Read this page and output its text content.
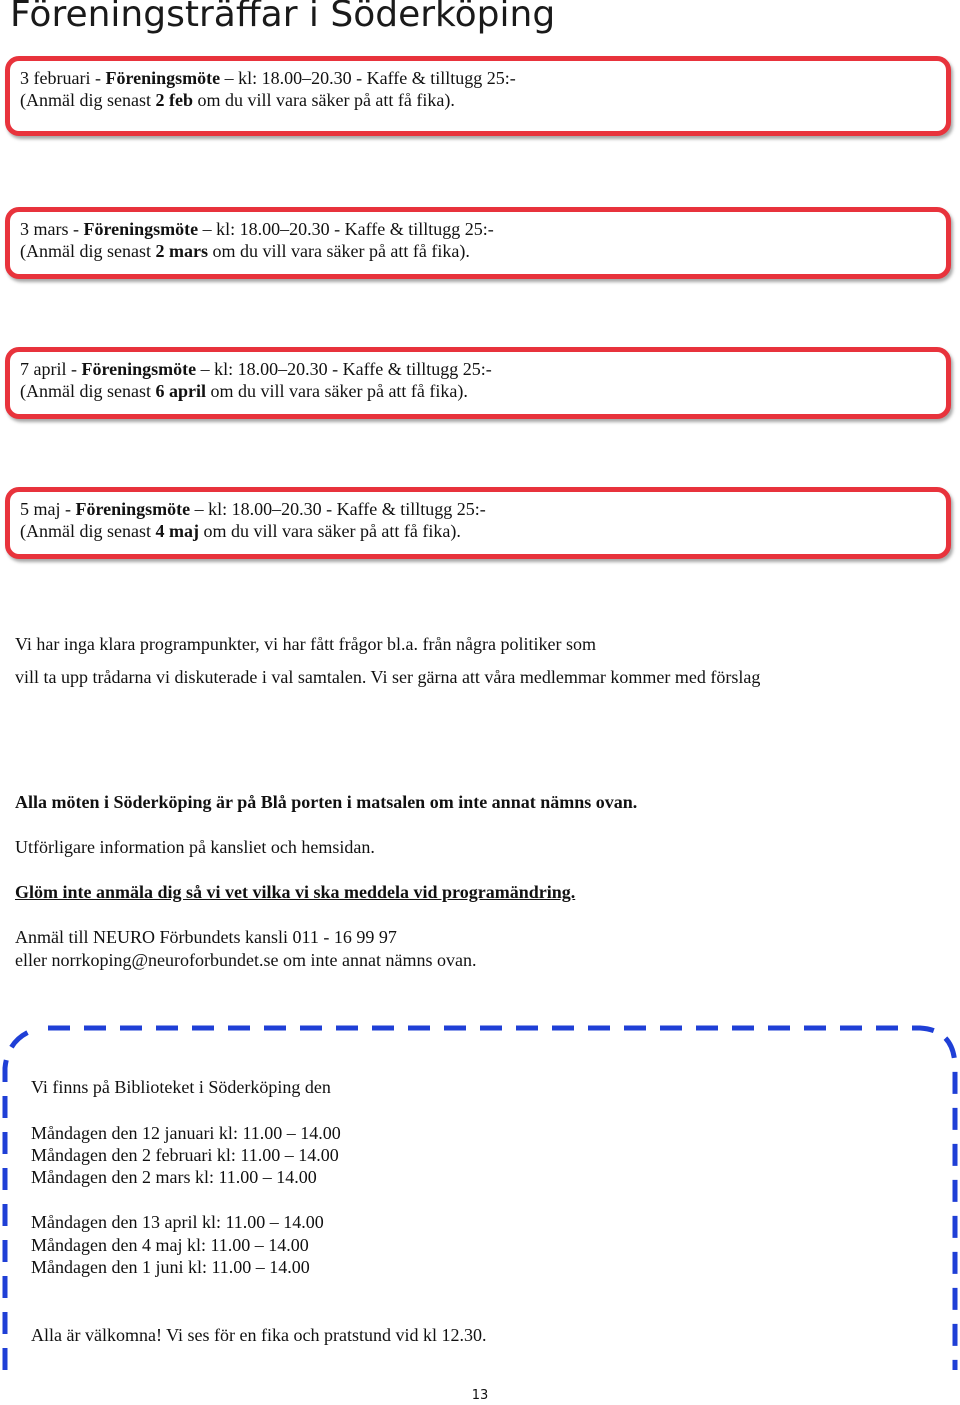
Föreningsträffar i Söderköping
3 februari - Föreningsmöte – kl: 18.00–20.30 - Kaffe & tilltugg 25:-
(Anmäl dig senast 2 feb om du vill vara säker på att få fika).
3 mars - Föreningsmöte – kl: 18.00–20.30 - Kaffe & tilltugg 25:-
(Anmäl dig senast 2 mars om du vill vara säker på att få fika).
7 april - Föreningsmöte – kl: 18.00–20.30 - Kaffe & tilltugg 25:-
(Anmäl dig senast 6 april om du vill vara säker på att få fika).
5 maj - Föreningsmöte – kl: 18.00–20.30 - Kaffe & tilltugg 25:-
(Anmäl dig senast 4 maj om du vill vara säker på att få fika).
Vi har inga klara programpunkter, vi har fått frågor bl.a. från några politiker som
vill ta upp trådarna vi diskuterade i val samtalen. Vi ser gärna att våra medlemmar kommer med förslag
Alla möten i Söderköping är på Blå porten i matsalen om inte annat nämns ovan.
Utförligare information på kansliet och hemsidan.
Glöm inte anmäla dig så vi vet vilka vi ska meddela vid programändring.
Anmäl till NEURO Förbundets kansli 011 - 16 99 97
eller norrkoping@neuroforbundet.se om inte annat nämns ovan.
Vi finns på Biblioteket i Söderköping den
Måndagen den 12 januari kl: 11.00 – 14.00
Måndagen den 2 februari kl: 11.00 – 14.00
Måndagen den 2 mars kl: 11.00 – 14.00
Måndagen den 13 april kl: 11.00 – 14.00
Måndagen den 4 maj kl: 11.00 – 14.00
Måndagen den 1 juni kl: 11.00 – 14.00
Alla är välkomna! Vi ses för en fika och pratstund vid kl 12.30.
13
